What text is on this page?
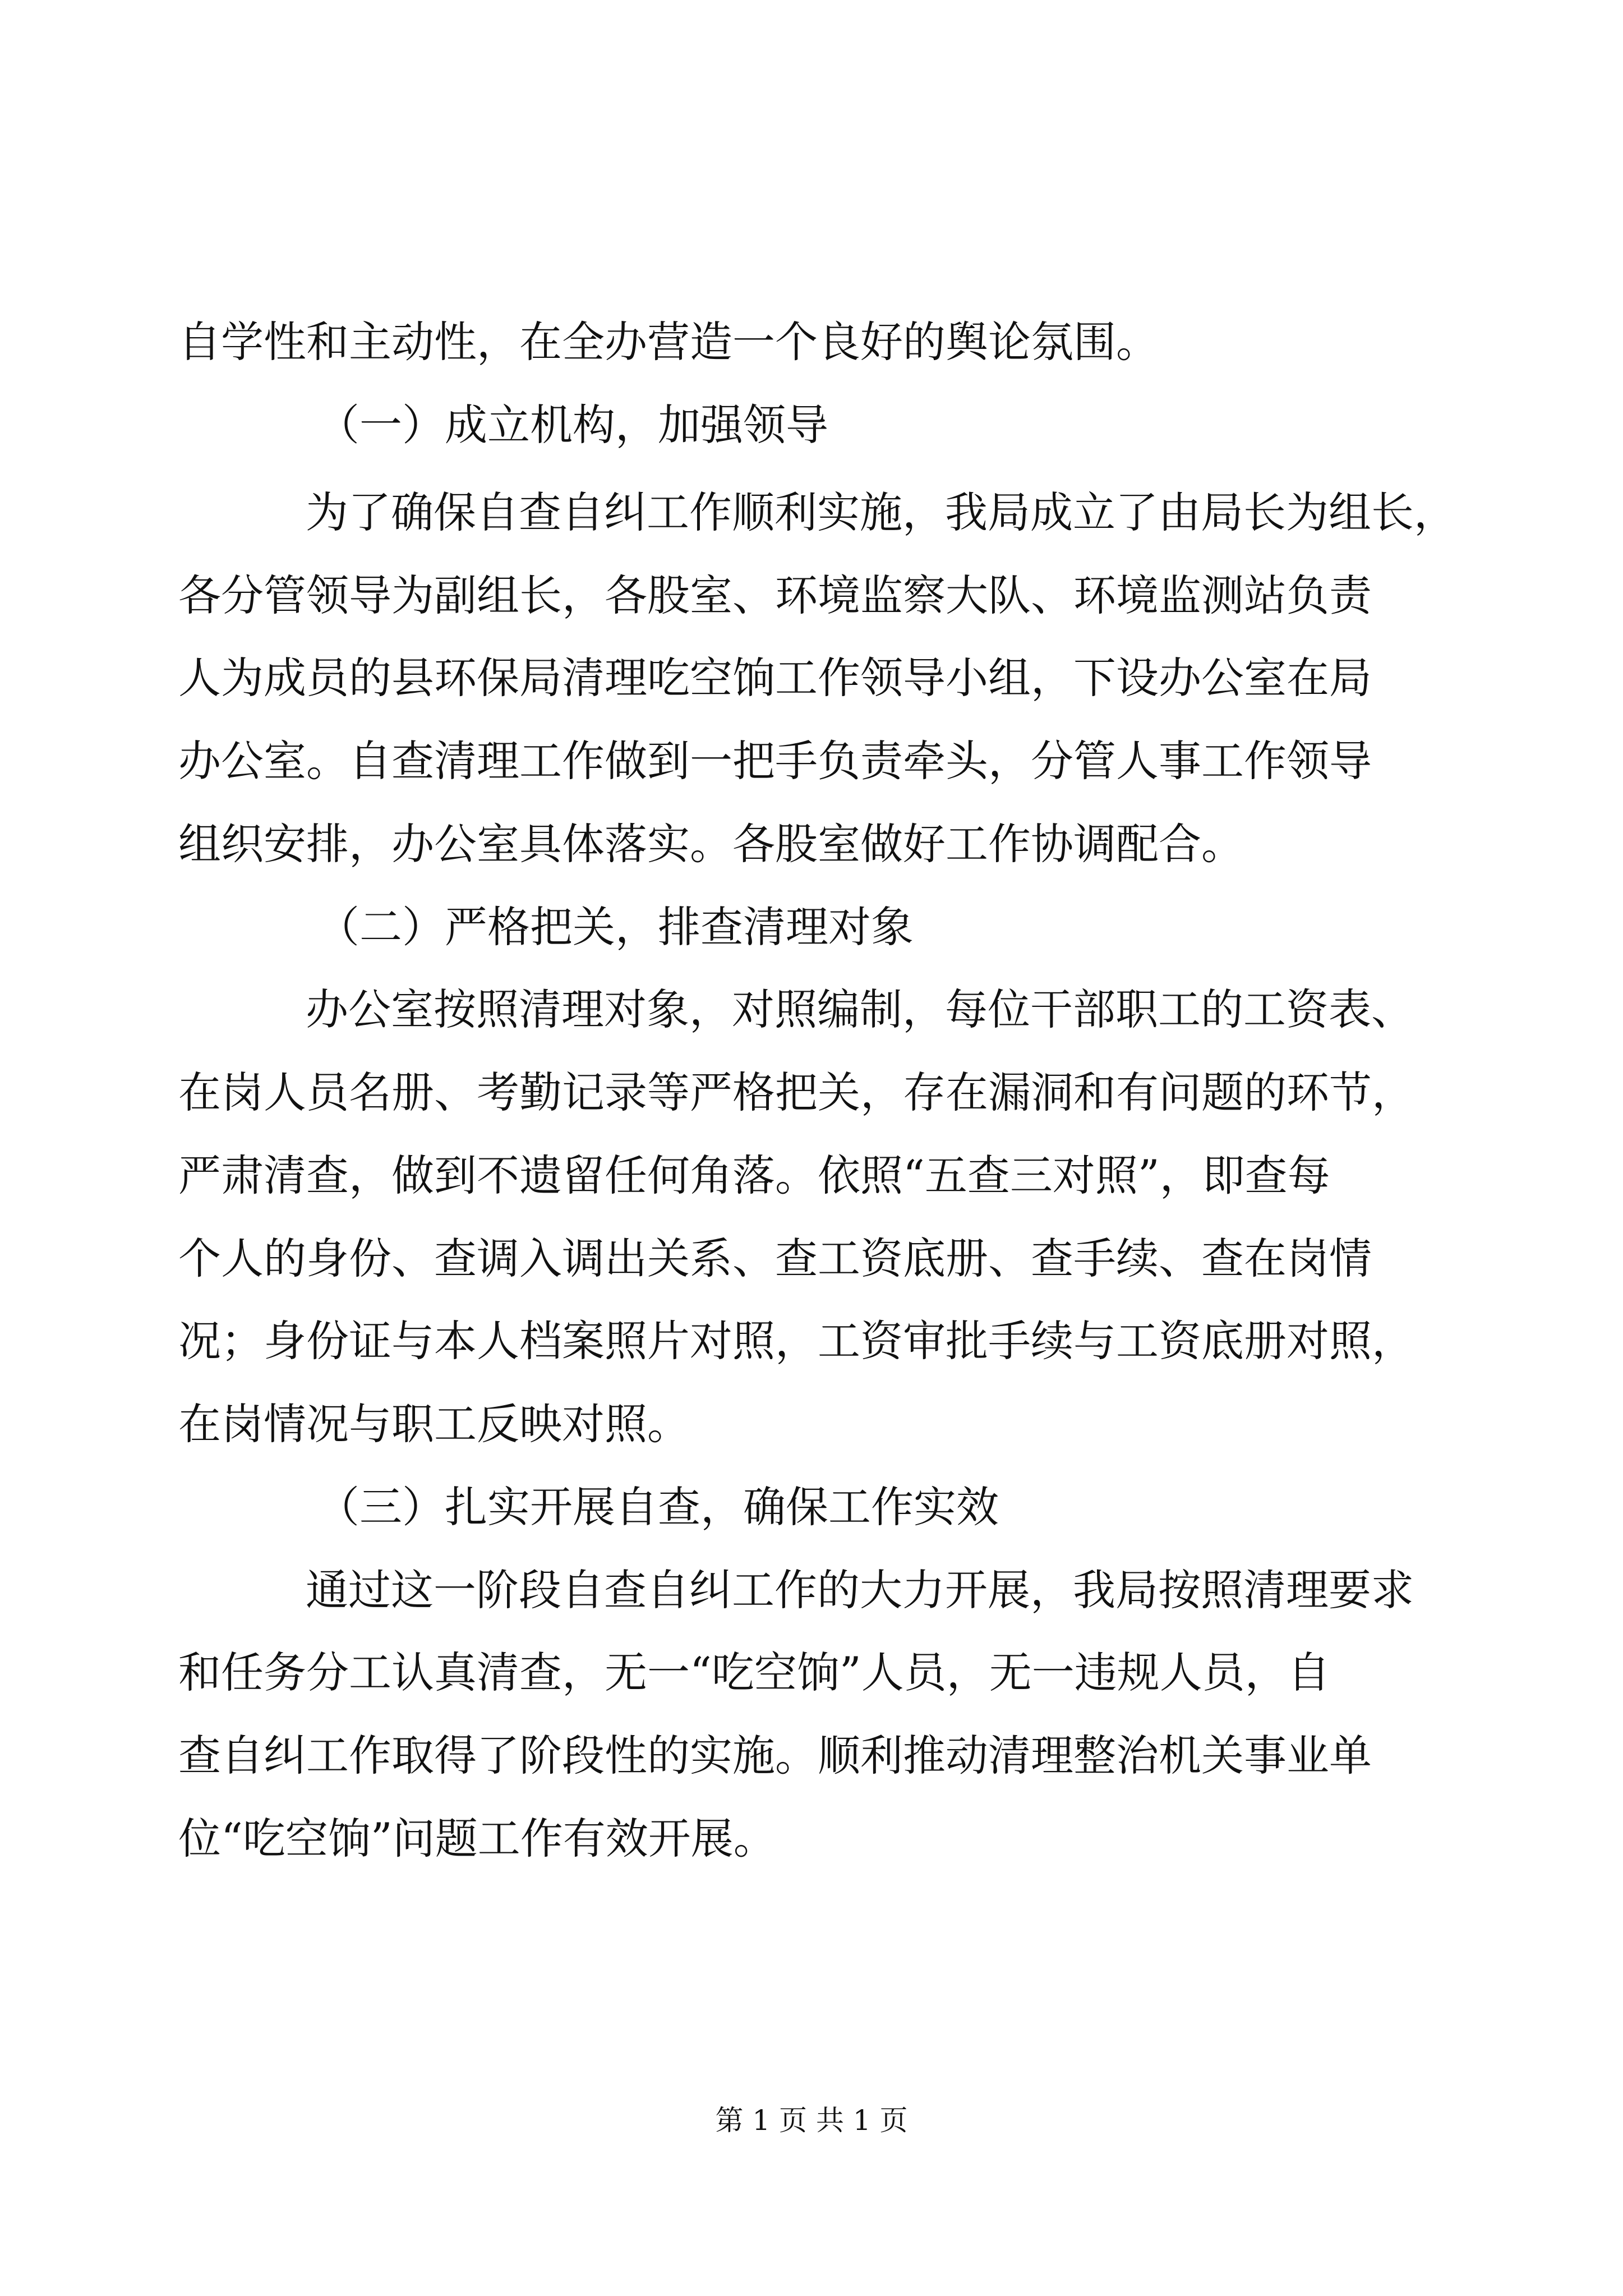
自学性和主动性，在全办营造一个良好的舆论氛围。
（一）成立机构，加强领导
为了确保自查自纠工作顺利实施，我局成立了由局长为组长，
各分管领导为副组长，各股室、环境监察大队、环境监测站负责
人为成员的县环保局清理吃空饷工作领导小组，下设办公室在局
办公室。自查清理工作做到一把手负责牵头，分管人事工作领导
组织安排，办公室具体落实。各股室做好工作协调配合。
（二）严格把关，排查清理对象
办公室按照清理对象，对照编制，每位干部职工的工资表、
在岗人员名册、考勤记录等严格把关，存在漏洞和有问题的环节，
严肃清查，做到不遗留任何角落。依照“五查三对照”，即查每
个人的身份、查调入调出关系、查工资底册、查手续、查在岗情
况；身份证与本人档案照片对照，工资审批手续与工资底册对照，
在岗情况与职工反映对照。
（三）扎实开展自查，确保工作实效
通过这一阶段自查自纠工作的大力开展，我局按照清理要求
和任务分工认真清查，无一“吃空饷”人员，无一违规人员，自
查自纠工作取得了阶段性的实施。顺利推动清理整治机关事业单
位“吃空饷”问题工作有效开展。
第 1 页 共 1 页
